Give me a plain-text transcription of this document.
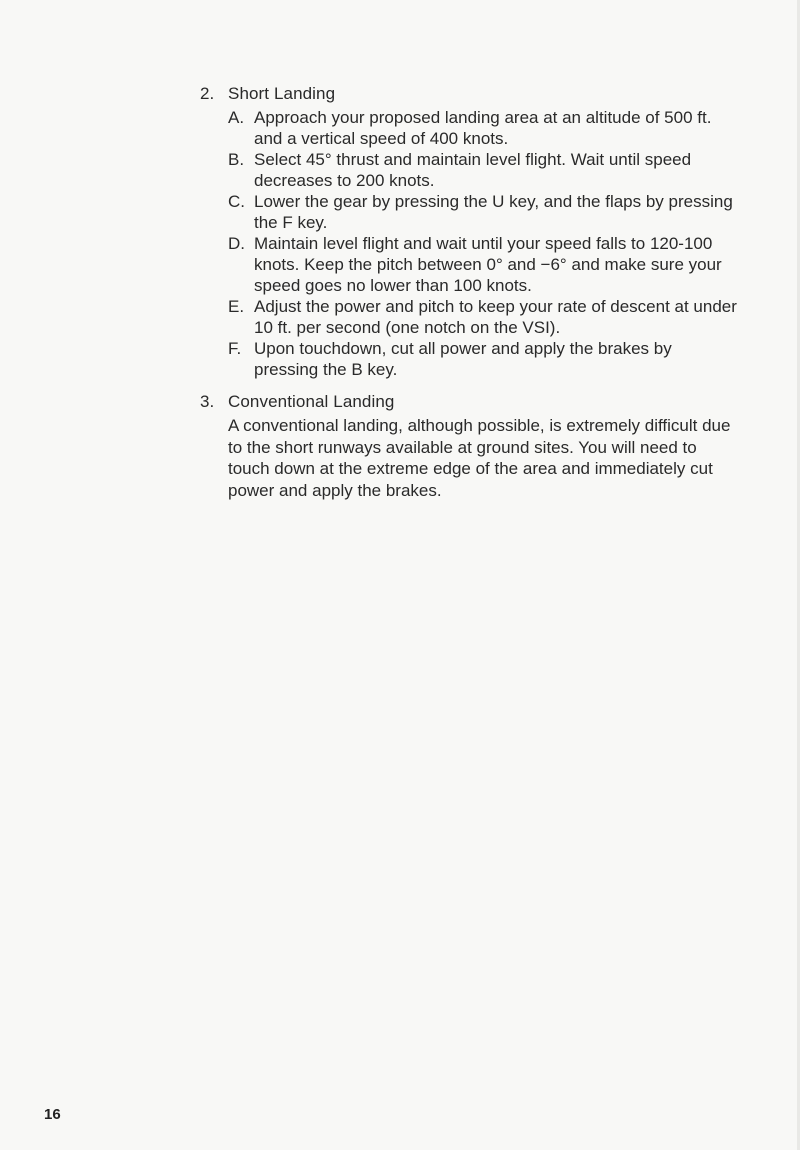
2. Short Landing
A. Approach your proposed landing area at an altitude of 500 ft. and a vertical speed of 400 knots.
B. Select 45° thrust and maintain level flight. Wait until speed decreases to 200 knots.
C. Lower the gear by pressing the U key, and the flaps by pressing the F key.
D. Maintain level flight and wait until your speed falls to 120-100 knots. Keep the pitch between 0° and −6° and make sure your speed goes no lower than 100 knots.
E. Adjust the power and pitch to keep your rate of descent at under 10 ft. per second (one notch on the VSI).
F. Upon touchdown, cut all power and apply the brakes by pressing the B key.
3. Conventional Landing

A conventional landing, although possible, is extremely difficult due to the short runways available at ground sites. You will need to touch down at the extreme edge of the area and immediately cut power and apply the brakes.

16
